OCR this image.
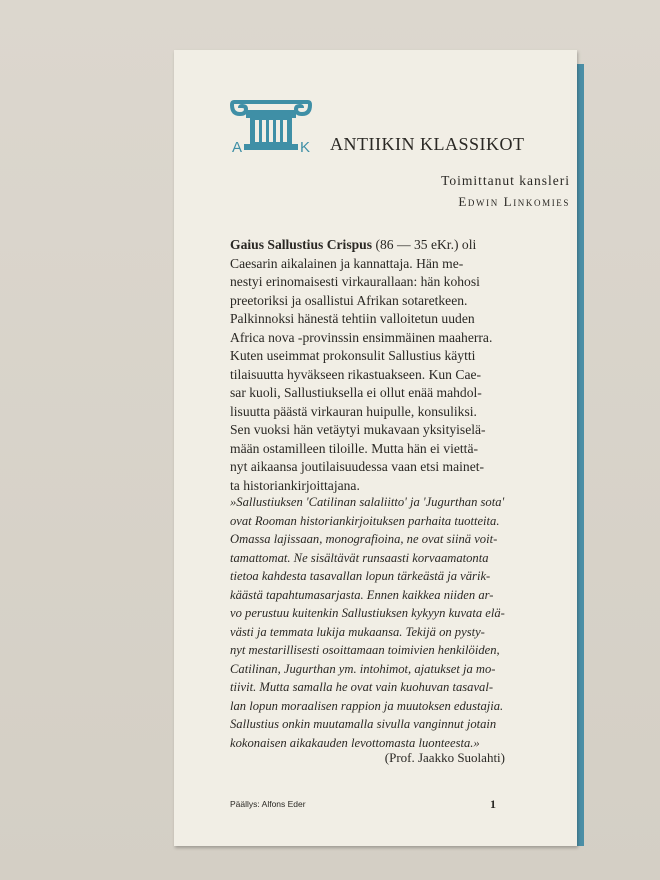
A	K ANTIIKIN KLASSIKOT
Toimittanut kansleri
Edwin Linkomies
Gaius Sallustius Crispus (86 — 35 eKr.) oli
Caesarin aikalainen ja kannattaja. Hän me-
nestyi erinomaisesti virkaurallaan: hän kohosi
preetoriksi ja osallistui Afrikan sotaretkeen.
Palkinnoksi hänestä tehtiin valloitetun uuden
Africa nova -provinssin ensimmäinen maaherra.
Kuten useimmat prokonsulit Sallustius käytti
tilaisuutta hyväkseen rikastuakseen. Kun Cae-
sar kuoli, Sallustiuksella ei ollut enää mahdol-
lisuutta päästä virkauran huipulle, konsuliksi.
Sen vuoksi hän vetäytyi mukavaan yksityiselä-
mään ostamilleen tiloille. Mutta hän ei viettä-
nyt aikaansa joutilaisuudessa vaan etsi mainet-
ta historiankirjoittajana.
»Sallustiuksen 'Catilinan salaliitto' ja 'Jugurthan sota'
ovat Rooman historiankirjoituksen parhaita tuotteita.
Omassa lajissaan, monografioina, ne ovat siinä voit-
tamattomat. Ne sisältävät runsaasti korvaamatonta
tietoa kahdesta tasavallan lopun tärkeästä ja värik-
käästä tapahtumasarjasta. Ennen kaikkea niiden ar-
vo perustuu kuitenkin Sallustiuksen kykyyn kuvata elä-
västi ja temmata lukija mukaansa. Tekijä on pysty-
nyt mestarillisesti osoittamaan toimivien henkilöiden,
Catilinan, Jugurthan ym. intohimot, ajatukset ja mo-
tiivit. Mutta samalla he ovat vain kuohuvan tasaval-
lan lopun moraalisen rappion ja muutoksen edustajia.
Sallustius onkin muutamalla sivulla vanginnut jotain
kokonaisen aikakauden levottomasta luonteesta.»
(Prof. Jaakko Suolahti)
Päällys: Alfons Eder	1
